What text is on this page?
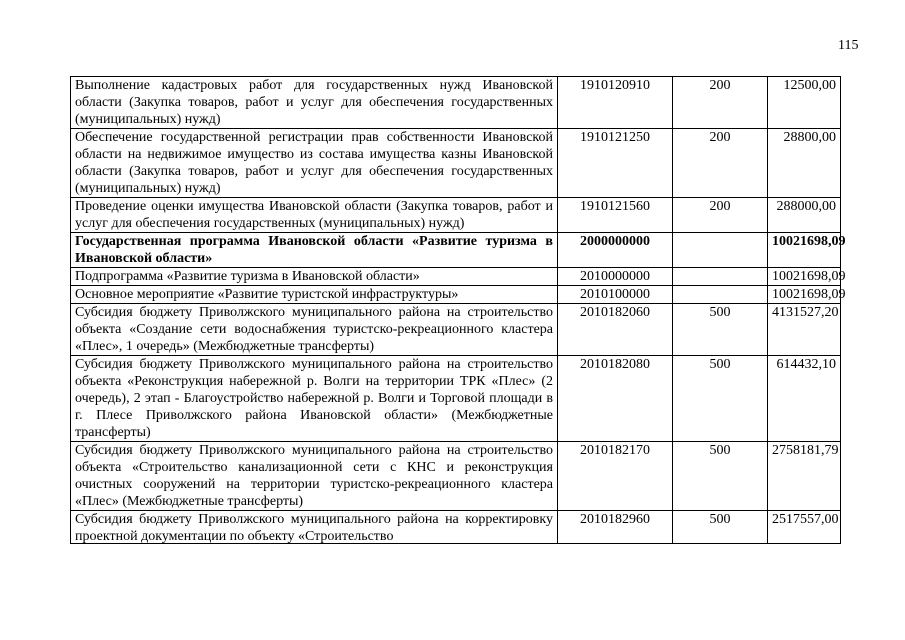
115
Выполнение кадастровых работ для государственных нужд Ивановской области (Закупка товаров, работ и услуг для обеспечения государственных (муниципальных) нужд)	1910120910	200	12500,00
Обеспечение государственной регистрации прав собственности Ивановской области на недвижимое имущество из состава имущества казны Ивановской области (Закупка товаров, работ и услуг для обеспечения государственных (муниципальных) нужд)	1910121250	200	28800,00
Проведение оценки имущества Ивановской области (Закупка товаров, работ и услуг для обеспечения государственных (муниципальных) нужд)	1910121560	200	288000,00
Государственная программа Ивановской области «Развитие туризма в Ивановской области»	2000000000		10021698,09
Подпрограмма «Развитие туризма в Ивановской области»	2010000000		10021698,09
Основное мероприятие «Развитие туристской инфраструктуры»	2010100000		10021698,09
Субсидия бюджету Приволжского муниципального района на строительство объекта «Создание сети водоснабжения туристско-рекреационного кластера «Плес», 1 очередь» (Межбюджетные трансферты)	2010182060	500	4131527,20
Субсидия бюджету Приволжского муниципального района на строительство объекта «Реконструкция набережной р. Волги на территории ТРК «Плес» (2 очередь), 2 этап - Благоустройство набережной р. Волги и Торговой площади в г. Плесе Приволжского района Ивановской области» (Межбюджетные трансферты)	2010182080	500	614432,10
Субсидия бюджету Приволжского муниципального района на строительство объекта «Строительство канализационной сети с КНС и реконструкция очистных сооружений на территории туристско-рекреационного кластера «Плес» (Межбюджетные трансферты)	2010182170	500	2758181,79

Субсидия бюджету Приволжского муниципального района на корректировку проектной документации по объекту «Строительство	2010182960	500	2517557,00
